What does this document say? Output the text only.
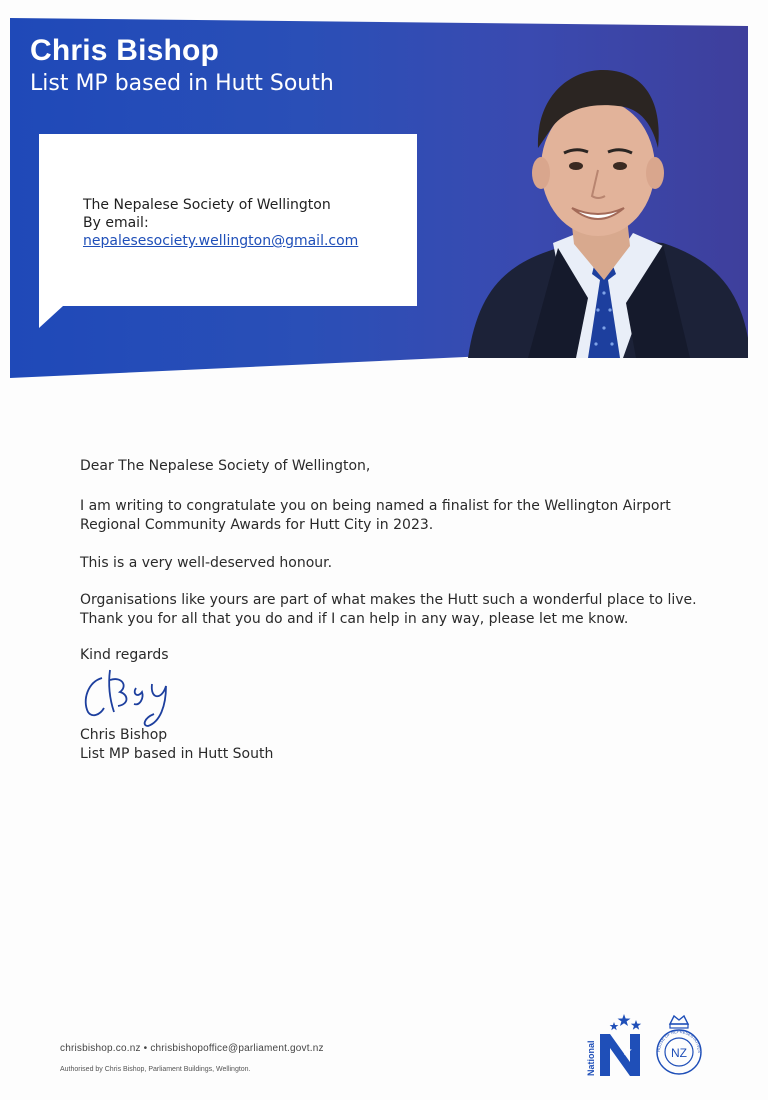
Chris Bishop
List MP based in Hutt South
The Nepalese Society of Wellington
By email:
nepalesesociety.wellington@gmail.com

Dear The Nepalese Society of Wellington,

I am writing to congratulate you on being named a finalist for the Wellington Airport Regional Community Awards for Hutt City in 2023.

This is a very well-deserved honour.

Organisations like yours are part of what makes the Hutt such a wonderful place to live. Thank you for all that you do and if I can help in any way, please let me know.

Kind regards

Chris Bishop

List MP based in Hutt South

chrisbishop.co.nz • chrisbishopoffice@parliament.govt.nz
Authorised by Chris Bishop, Parliament Buildings, Wellington.	National	NZ
HOUSE OF REPRESENTATIVES
